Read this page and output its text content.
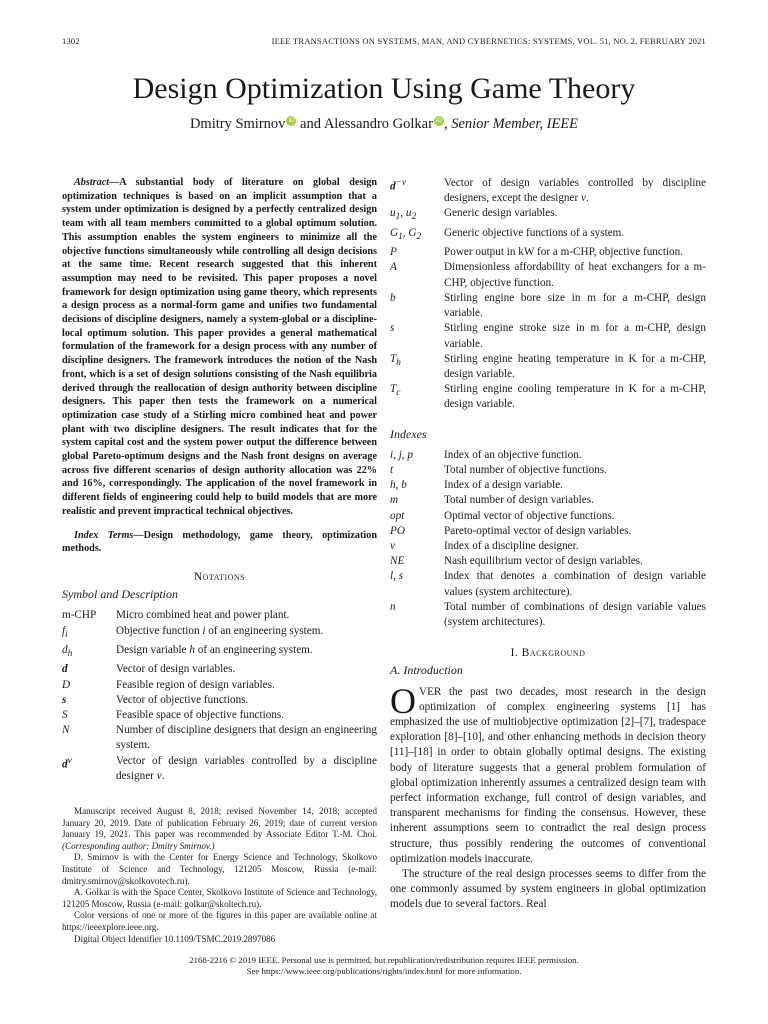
1302	IEEE TRANSACTIONS ON SYSTEMS, MAN, AND CYBERNETICS: SYSTEMS, VOL. 51, NO. 2, FEBRUARY 2021
Design Optimization Using Game Theory
Dmitry Smirnov iD and Alessandro Golkar iD , Senior Member, IEEE

Abstract—A substantial body of literature on global design optimization techniques is based on an implicit assumption that a system under optimization is designed by a perfectly centralized design team with all team members committed to a global optimum solution. This assumption enables the system engineers to minimize all the objective functions simultaneously while controlling all design decisions at the same time. Recent research suggested that this inherent assumption may need to be revisited. This paper proposes a novel framework for design optimization using game theory, which represents a design process as a normal-form game and unifies two fundamental decisions of discipline designers, namely a system-global or a discipline-local optimum solution. This paper provides a general mathematical formulation of the framework for a design process with any number of discipline designers. The framework introduces the notion of the Nash front, which is a set of design solutions consisting of the Nash equilibria derived through the reallocation of design authority between discipline designers. This paper then tests the framework on a numerical optimization case study of a Stirling micro combined heat and power plant with two discipline designers. The result indicates that for the system capital cost and the system power output the difference between global Pareto-optimum designs and the Nash front designs on average across five different scenarios of design authority allocation was 22% and 16%, correspondingly. The application of the novel framework in different fields of engineering could help to build models that are more realistic and prevent impractical technical objectives.

Index Terms—Design methodology, game theory, optimization methods.

Notations
Symbol and Description
m-CHP	Micro combined heat and power plant.
$f_i$	Objective function i of an engineering system.
$d_h$	Design variable h of an engineering system.
d	Vector of design variables.
D	Feasible region of design variables.
s	Vector of objective functions.
S	Feasible space of objective functions.
N	Number of discipline designers that design an engineering system.
$d^v$	Vector of design variables controlled by a discipline designer v.

Manuscript received August 8, 2018; revised November 14, 2018; accepted January 20, 2019. Date of publication February 26, 2019; date of current version January 19, 2021. This paper was recommended by Associate Editor T.-M. Choi. (Corresponding author: Dmitry Smirnov.)

D. Smirnov is with the Center for Energy Science and Technology, Skolkovo Institute of Science and Technology, 121205 Moscow, Russia (e-mail: dmitry.smirnov@skolkovotech.ru).

A. Golkar is with the Space Center, Skolkovo Institute of Science and Technology, 121205 Moscow, Russia (e-mail: golkar@skoltech.ru).

Color versions of one or more of the figures in this paper are available online at https://ieeexplore.ieee.org.

Digital Object Identifier 10.1109/TSMC.2019.2897086

$d^{-v}$	Vector of design variables controlled by discipline designers, except the designer v.
$u_1$, $u_2$	Generic design variables.
$G_1$, $G_2$	Generic objective functions of a system.
P	Power output in kW for a m-CHP, objective function.
A	Dimensionless affordability of heat exchangers for a m-CHP, objective function.
b	Stirling engine bore size in m for a m-CHP, design variable.
s	Stirling engine stroke size in m for a m-CHP, design variable.
$T_h$	Stirling engine heating temperature in K for a m-CHP, design variable.
$T_c$	Stirling engine cooling temperature in K for a m-CHP, design variable.
Indexes
i, j, p	Index of an objective function.
t	Total number of objective functions.
h, b	Index of a design variable.
m	Total number of design variables.
opt	Optimal vector of objective functions.
PO	Pareto-optimal vector of design variables.
v	Index of a discipline designer.
NE	Nash equilibrium vector of design variables.
l, s	Index that denotes a combination of design variable values (system architecture).
n	Total number of combinations of design variable values (system architectures).
I. Background
A. Introduction

OVER the past two decades, most research in the design optimization of complex engineering systems [1] has emphasized the use of multiobjective optimization [2]–[7], tradespace exploration [8]–[10], and other enhancing methods in decision theory [11]–[18] in order to obtain globally optimal designs. The existing body of literature suggests that a general problem formulation of global optimization inherently assumes a centralized design team with perfect information exchange, full control of design variables, and transparent mechanisms for finding the consensus. However, these inherent assumptions seem to contradict the real design process structure, thus possibly rendering the outcomes of conventional optimization models inaccurate.

The structure of the real design processes seems to differ from the one commonly assumed by system engineers in global optimization models due to several factors. Real

2168-2216 © 2019 IEEE. Personal use is permitted, but republication/redistribution requires IEEE permission.
See https://www.ieee.org/publications/rights/index.html for more information.
